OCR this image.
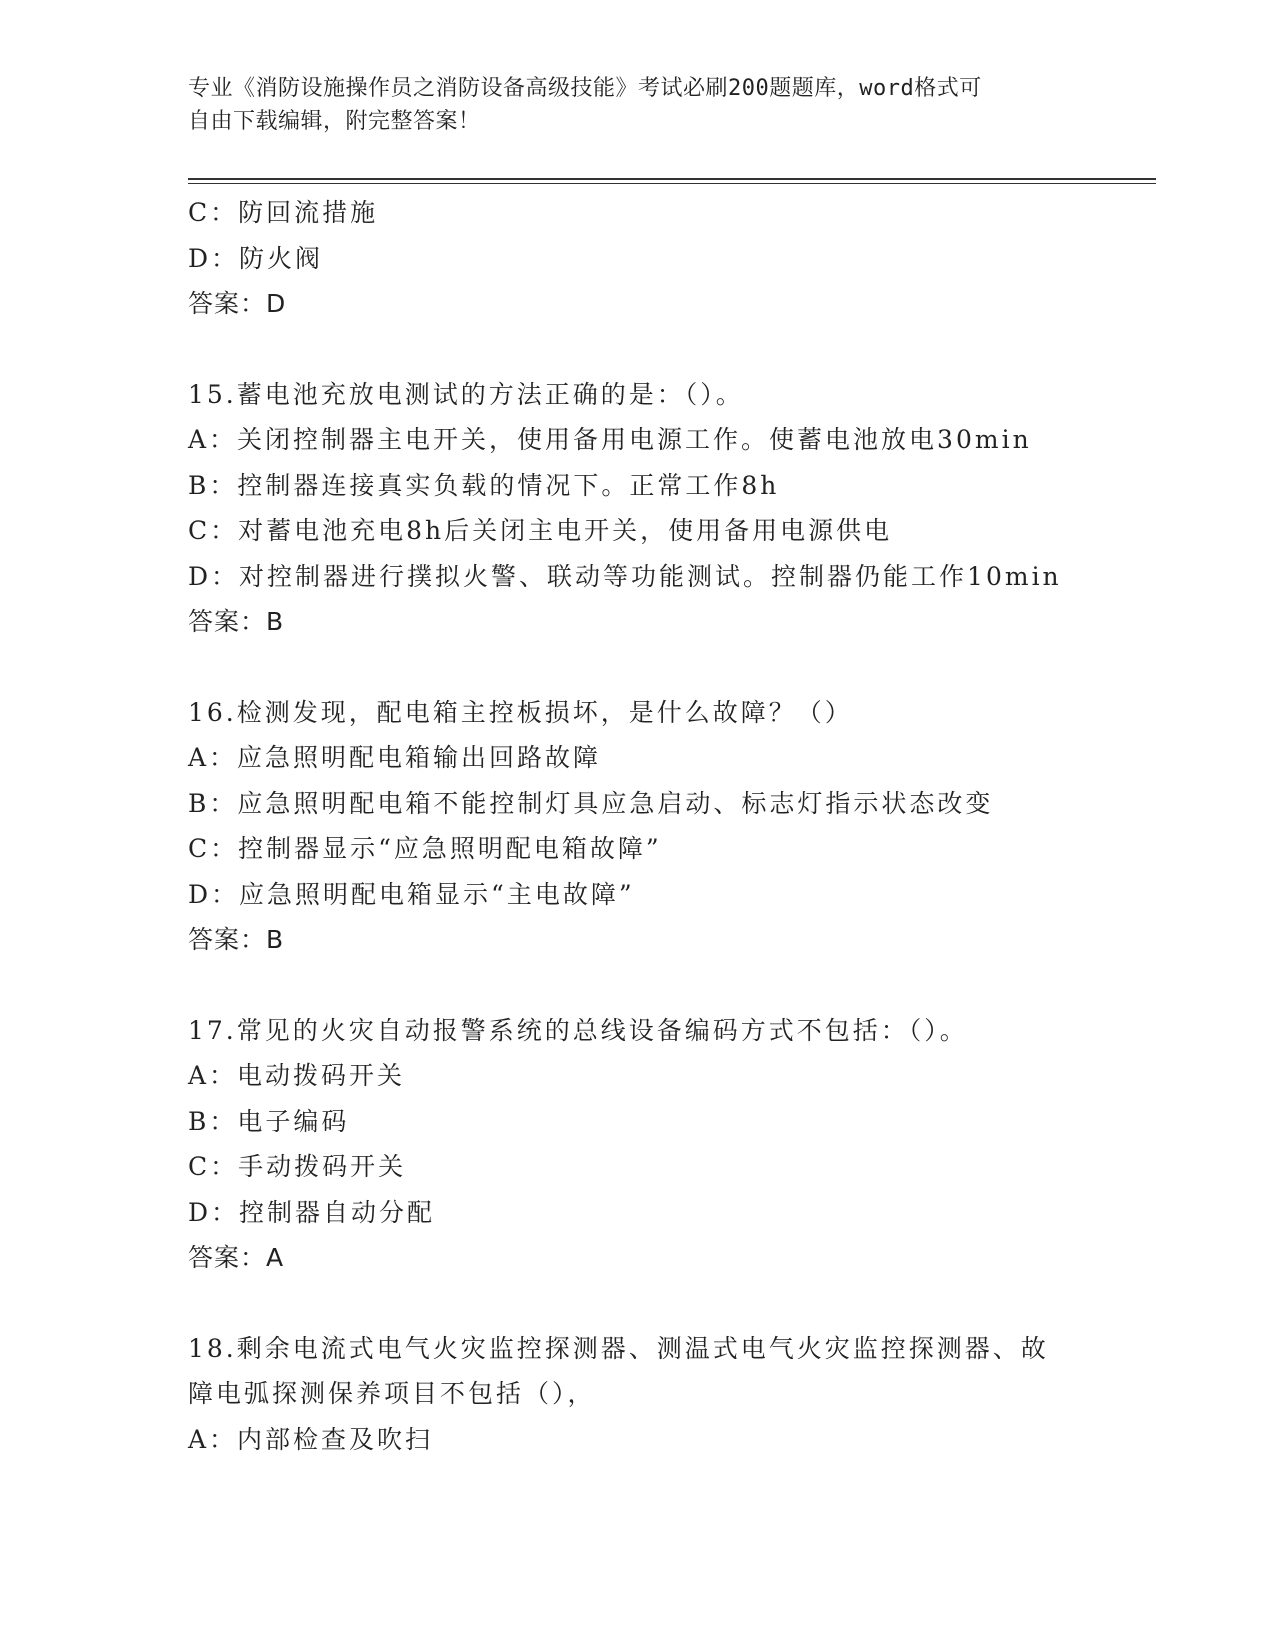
专业《消防设施操作员之消防设备高级技能》考试必刷200题题库，word格式可
自由下载编辑，附完整答案！
C：防回流措施
D：防火阀
答案：D
15.蓄电池充放电测试的方法正确的是：（）。
A：关闭控制器主电开关，使用备用电源工作。使蓄电池放电30min
B：控制器连接真实负载的情况下。正常工作8h
C：对蓄电池充电8h后关闭主电开关，使用备用电源供电
D：对控制器进行撲拟火警、联动等功能测试。控制器仍能工作10min
答案：B
16.检测发现，配电箱主控板损坏，是什么故障？（）
A：应急照明配电箱输出回路故障
B：应急照明配电箱不能控制灯具应急启动、标志灯指示状态改变
C：控制器显示“应急照明配电箱故障”
D：应急照明配电箱显示“主电故障”
答案：B
17.常见的火灾自动报警系统的总线设备编码方式不包括：（）。
A：电动拨码开关
B：电子编码
C：手动拨码开关
D：控制器自动分配
答案：A
18.剩余电流式电气火灾监控探测器、测温式电气火灾监控探测器、故
障电弧探测保养项目不包括（），
A：内部检查及吹扫
